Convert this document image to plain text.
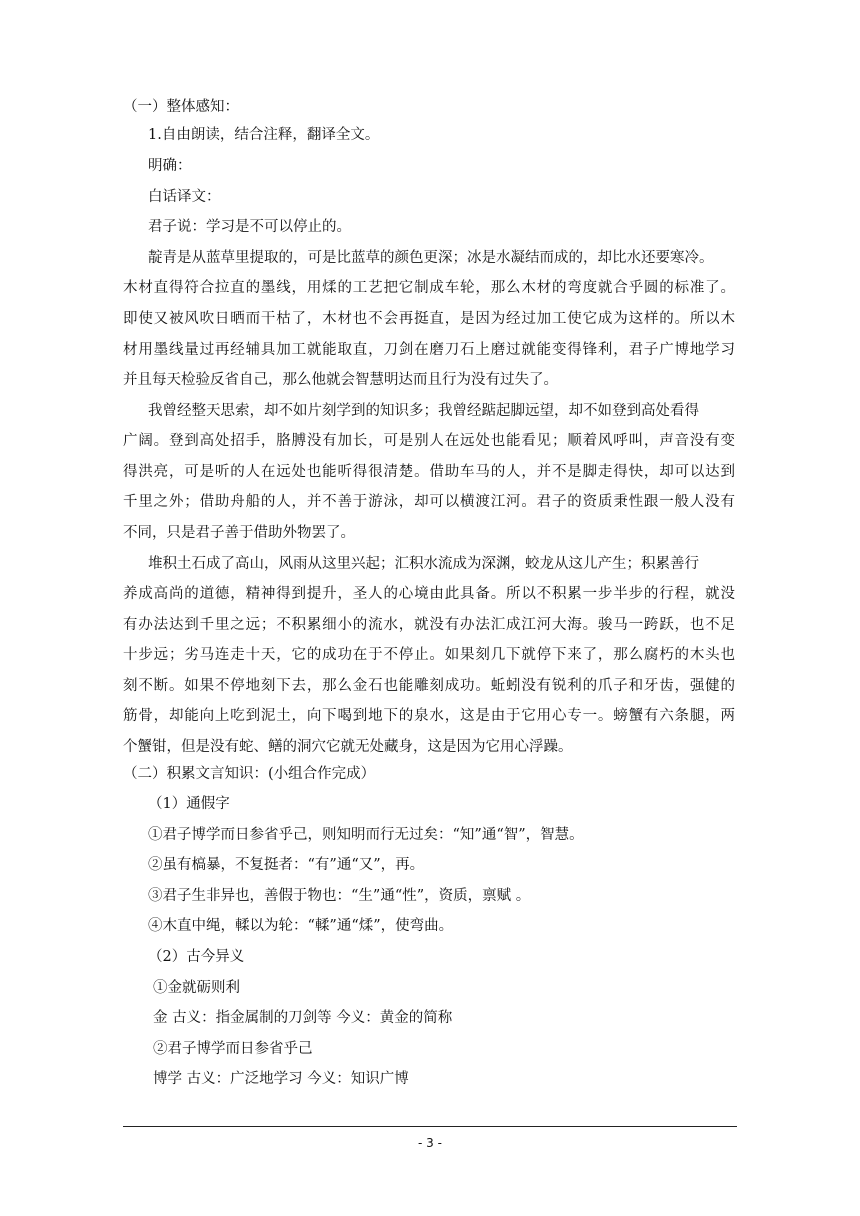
（一）整体感知：
1.自由朗读，结合注释，翻译全文。
明确：
白话译文：
君子说：学习是不可以停止的。
靛青是从蓝草里提取的，可是比蓝草的颜色更深；冰是水凝结而成的，却比水还要寒冷。
木材直得符合拉直的墨线，用煣的工艺把它制成车轮，那么木材的弯度就合乎圆的标准了。
即使又被风吹日晒而干枯了，木材也不会再挺直，是因为经过加工使它成为这样的。所以木
材用墨线量过再经辅具加工就能取直，刀剑在磨刀石上磨过就能变得锋利，君子广博地学习
并且每天检验反省自己，那么他就会智慧明达而且行为没有过失了。
我曾经整天思索，却不如片刻学到的知识多；我曾经踮起脚远望，却不如登到高处看得
广阔。登到高处招手，胳膊没有加长，可是别人在远处也能看见；顺着风呼叫，声音没有变
得洪亮，可是听的人在远处也能听得很清楚。借助车马的人，并不是脚走得快，却可以达到
千里之外；借助舟船的人，并不善于游泳，却可以横渡江河。君子的资质秉性跟一般人没有
不同，只是君子善于借助外物罢了。
堆积土石成了高山，风雨从这里兴起；汇积水流成为深渊，蛟龙从这儿产生；积累善行
养成高尚的道德，精神得到提升，圣人的心境由此具备。所以不积累一步半步的行程，就没
有办法达到千里之远；不积累细小的流水，就没有办法汇成江河大海。骏马一跨跃，也不足
十步远；劣马连走十天，它的成功在于不停止。如果刻几下就停下来了，那么腐朽的木头也
刻不断。如果不停地刻下去，那么金石也能雕刻成功。蚯蚓没有锐利的爪子和牙齿，强健的
筋骨，却能向上吃到泥土，向下喝到地下的泉水，这是由于它用心专一。螃蟹有六条腿，两
个蟹钳，但是没有蛇、鳝的洞穴它就无处藏身，这是因为它用心浮躁。
（二）积累文言知识：(小组合作完成）
（1）通假字
①君子博学而日参省乎己，则知明而行无过矣：“知”通“智”，智慧。
②虽有槁暴，不复挺者：“有”通“又”，再。
③君子生非异也，善假于物也：“生”通“性”，资质，禀赋 。
④木直中绳，輮以为轮：“輮”通“煣”，使弯曲。
（2）古今异义
①金就砺则利
金 古义：指金属制的刀剑等 今义：黄金的简称
②君子博学而日参省乎己
博学 古义：广泛地学习 今义：知识广博
- 3 -
